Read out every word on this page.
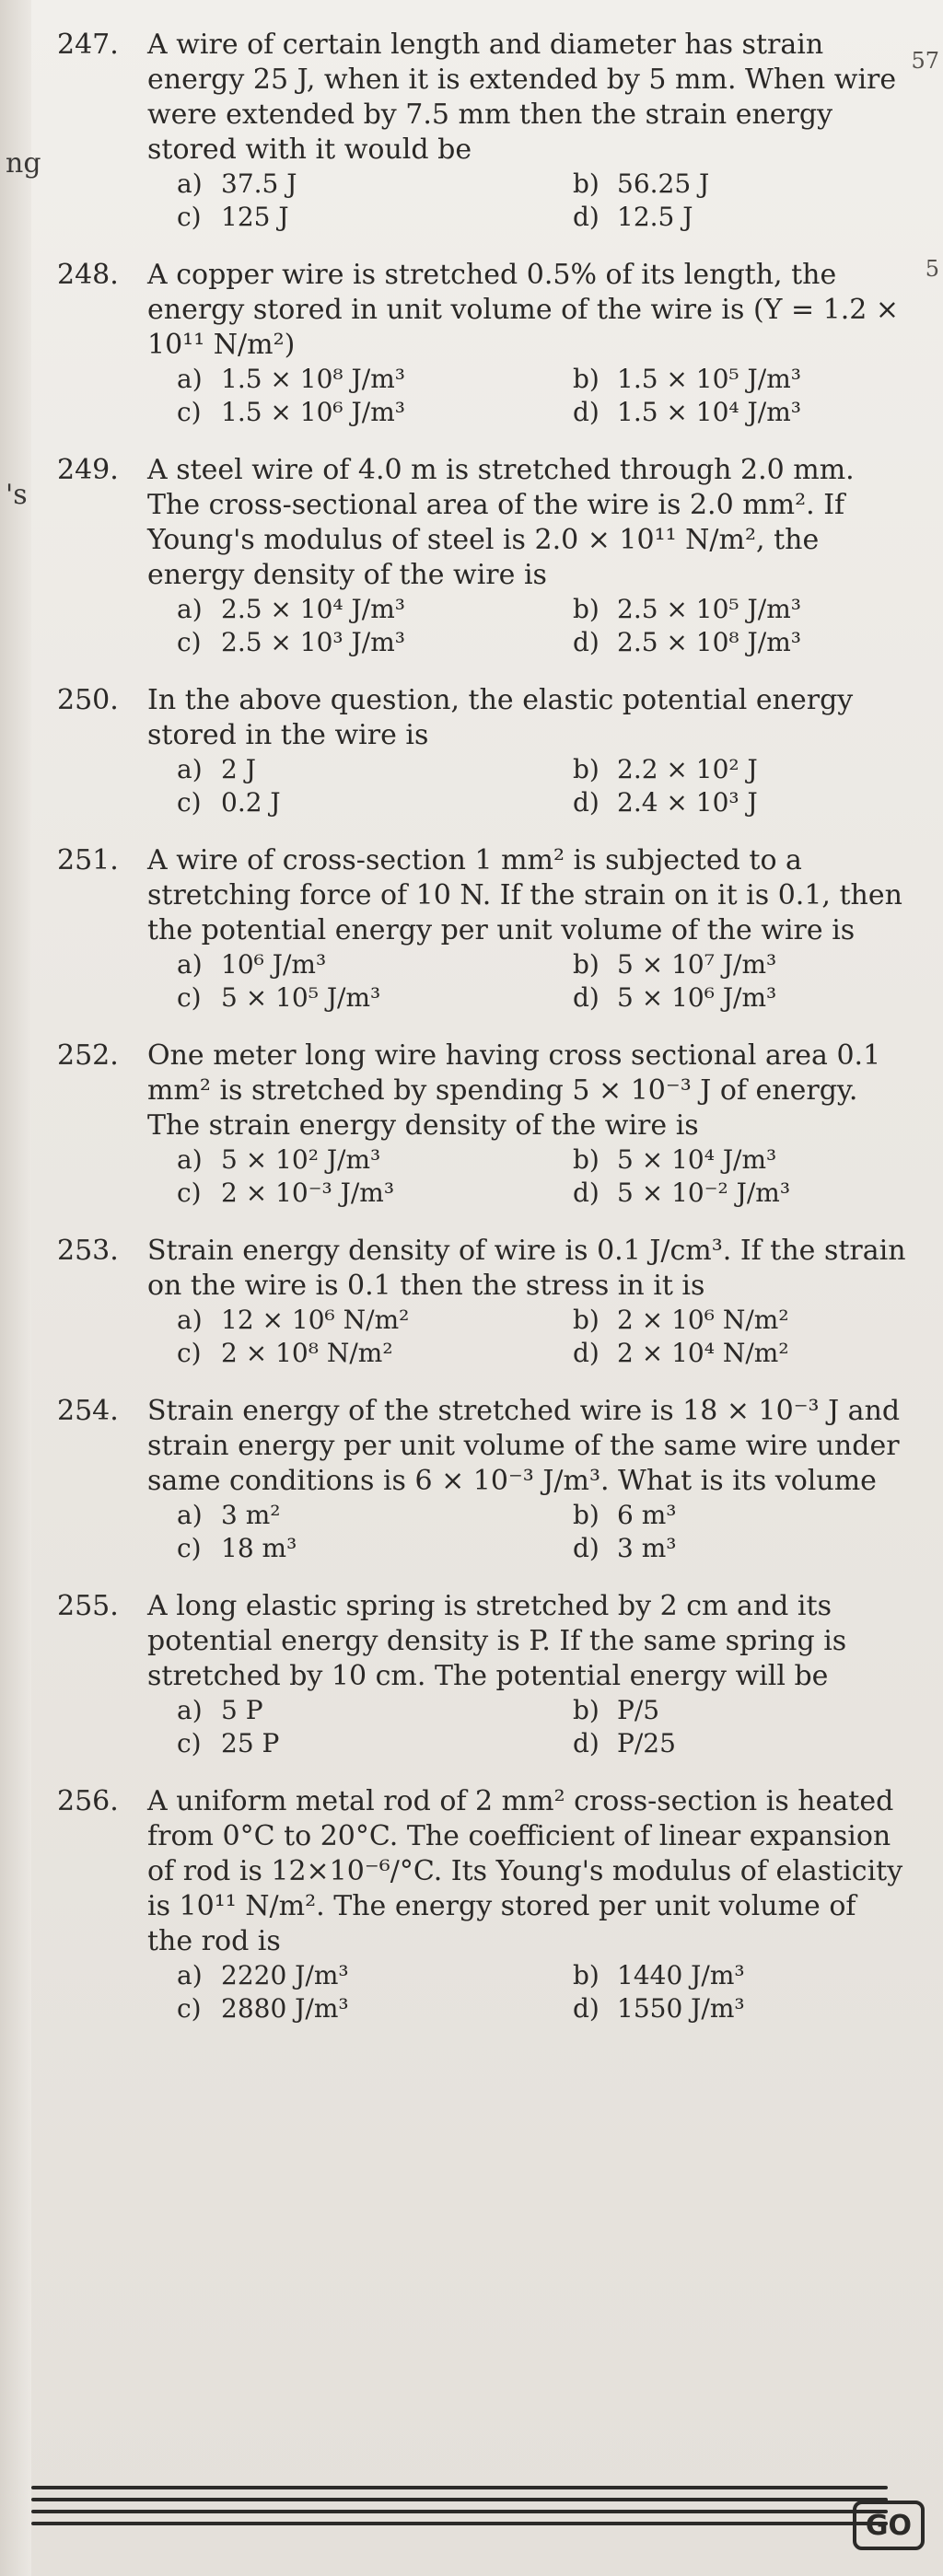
ng
's
57
5
247.	A wire of certain length and diameter has strain energy 25 J, when it is extended by 5 mm. When wire were extended by 7.5 mm then the strain energy stored with it would be
a) 37.5 J	b) 56.25 J
c) 125 J	d) 12.5 J
248.	A copper wire is stretched 0.5% of its length, the energy stored in unit volume of the wire is (Y = 1.2 × 10¹¹ N/m²)
a) 1.5 × 10⁸ J/m³	b) 1.5 × 10⁵ J/m³
c) 1.5 × 10⁶ J/m³	d) 1.5 × 10⁴ J/m³
249.	A steel wire of 4.0 m is stretched through 2.0 mm. The cross-sectional area of the wire is 2.0 mm². If Young's modulus of steel is 2.0 × 10¹¹ N/m², the energy density of the wire is
a) 2.5 × 10⁴ J/m³	b) 2.5 × 10⁵ J/m³
c) 2.5 × 10³ J/m³	d) 2.5 × 10⁸ J/m³
250.	In the above question, the elastic potential energy stored in the wire is
a) 2 J	b) 2.2 × 10² J
c) 0.2 J	d) 2.4 × 10³ J
251.	A wire of cross-section 1 mm² is subjected to a stretching force of 10 N. If the strain on it is 0.1, then the potential energy per unit volume of the wire is
a) 10⁶ J/m³	b) 5 × 10⁷ J/m³
c) 5 × 10⁵ J/m³	d) 5 × 10⁶ J/m³
252.	One meter long wire having cross sectional area 0.1 mm² is stretched by spending 5 × 10⁻³ J of energy. The strain energy density of the wire is
a) 5 × 10² J/m³	b) 5 × 10⁴ J/m³
c) 2 × 10⁻³ J/m³	d) 5 × 10⁻² J/m³
253.	Strain energy density of wire is 0.1 J/cm³. If the strain on the wire is 0.1 then the stress in it is
a) 12 × 10⁶ N/m²	b) 2 × 10⁶ N/m²
c) 2 × 10⁸ N/m²	d) 2 × 10⁴ N/m²
254.	Strain energy of the stretched wire is 18 × 10⁻³ J and strain energy per unit volume of the same wire under same conditions is 6 × 10⁻³ J/m³. What is its volume
a) 3 m²	b) 6 m³
c) 18 m³	d) 3 m³
255.	A long elastic spring is stretched by 2 cm and its potential energy density is P. If the same spring is stretched by 10 cm. The potential energy will be
a) 5 P	b) P/5
c) 25 P	d) P/25
256.	A uniform metal rod of 2 mm² cross-section is heated from 0°C to 20°C. The coefficient of linear expansion of rod is 12×10⁻⁶/°C. Its Young's modulus of elasticity is 10¹¹ N/m². The energy stored per unit volume of the rod is
a) 2220 J/m³	b) 1440 J/m³
c) 2880 J/m³	d) 1550 J/m³
GO
